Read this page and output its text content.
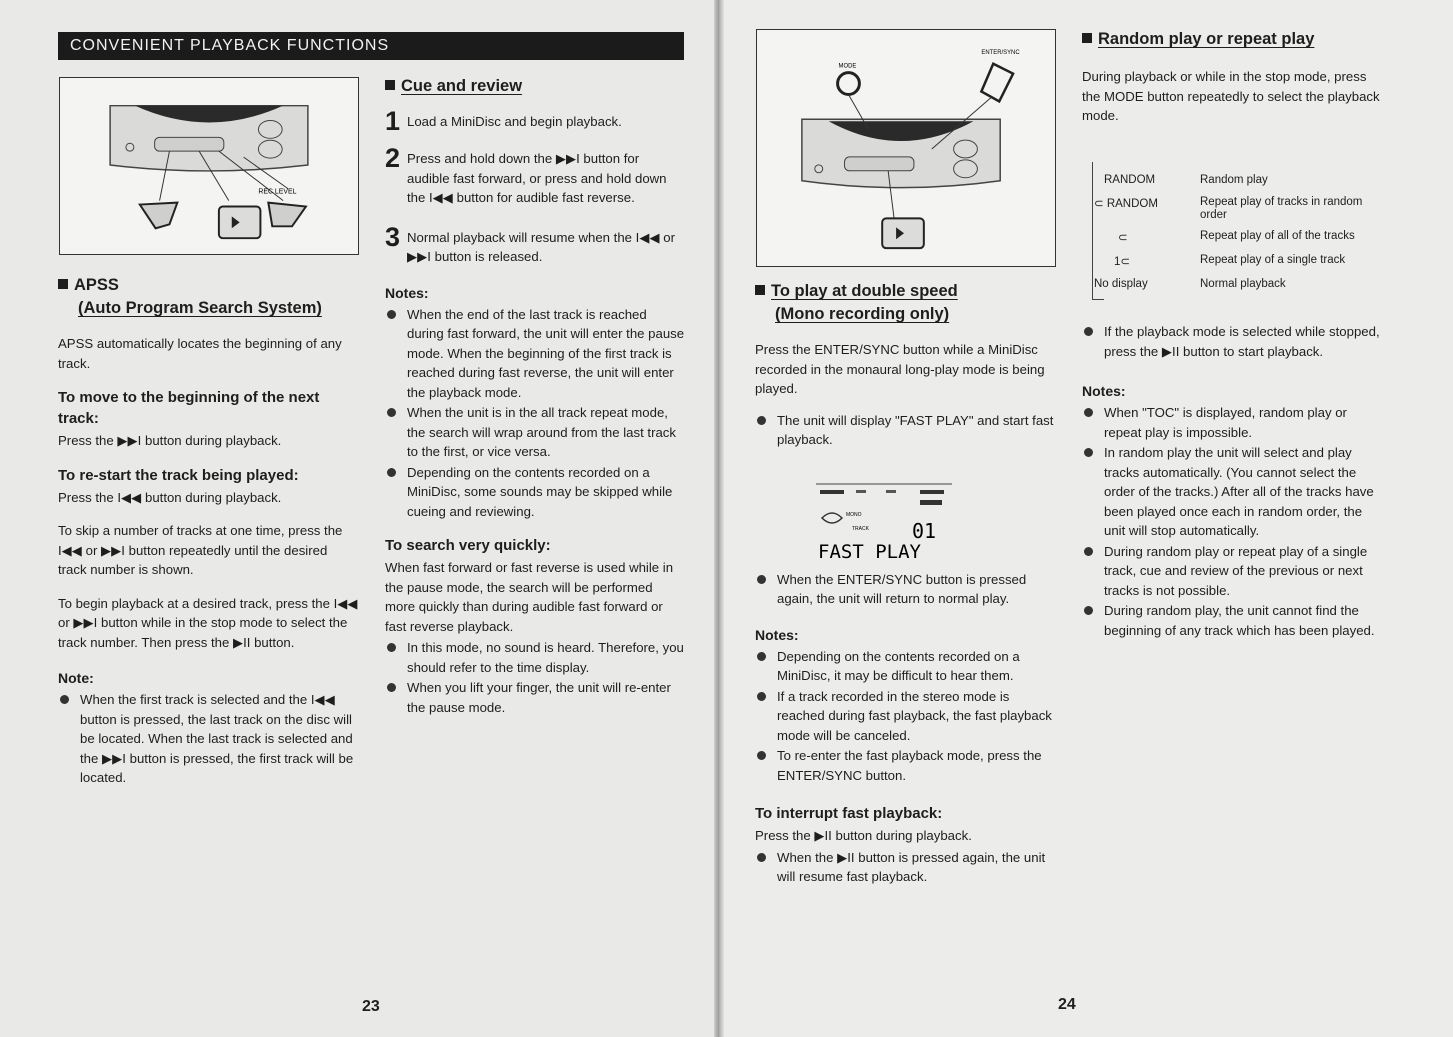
CONVENIENT PLAYBACK FUNCTIONS
REC LEVEL
APSS
(Auto Program Search System)

APSS automatically locates the beginning of any track.

To move to the beginning of the next track:

Press the ▶▶I button during playback.

To re-start the track being played:

Press the I◀◀ button during playback.

To skip a number of tracks at one time, press the I◀◀ or ▶▶I button repeatedly until the desired track number is shown.

To begin playback at a desired track, press the I◀◀ or ▶▶I button while in the stop mode to select the track number. Then press the ▶II button.

Note:
When the first track is selected and the I◀◀ button is pressed, the last track on the disc will be located. When the last track is selected and the ▶▶I button is pressed, the first track will be located.
Cue and review
1 Load a MiniDisc and begin playback.
2 Press and hold down the ▶▶I button for audible fast forward, or press and hold down the I◀◀ button for audible fast reverse.
3 Normal playback will resume when the I◀◀ or ▶▶I button is released.
Notes:
When the end of the last track is reached during fast forward, the unit will enter the pause mode. When the beginning of the first track is reached during fast reverse, the unit will enter the playback mode.
When the unit is in the all track repeat mode, the search will wrap around from the last track to the first, or vice versa.
Depending on the contents recorded on a MiniDisc, some sounds may be skipped while cueing and reviewing.
To search very quickly:

When fast forward or fast reverse is used while in the pause mode, the search will be performed more quickly than during audible fast forward or fast reverse playback.

In this mode, no sound is heard. Therefore, you should refer to the time display.
When you lift your finger, the unit will re-enter the pause mode.
23
MODE
ENTER/SYNC
To play at double speed
(Mono recording only)

Press the ENTER/SYNC button while a MiniDisc recorded in the monaural long-play mode is being played.

The unit will display "FAST PLAY" and start fast playback.
When the ENTER/SYNC button is pressed again, the unit will return to normal play.
Notes:
Depending on the contents recorded on a MiniDisc, it may be difficult to hear them.
If a track recorded in the stereo mode is reached during fast playback, the fast playback mode will be canceled.
To re-enter the fast playback mode, press the ENTER/SYNC button.
To interrupt fast playback:

Press the ▶II button during playback.

When the ▶II button is pressed again, the unit will resume fast playback.
MONO
TRACK 01
FAST PLAY
Random play or repeat play

During playback or while in the stop mode, press the MODE button repeatedly to select the playback mode.

RANDOM	Random play
⊂ RANDOM	Repeat play of tracks in random order
⊂	Repeat play of all of the tracks
1⊂	Repeat play of a single track
No display	Normal playback
If the playback mode is selected while stopped, press the ▶II button to start playback.
Notes:
When "TOC" is displayed, random play or repeat play is impossible.
In random play the unit will select and play tracks automatically. (You cannot select the order of the tracks.) After all of the tracks have been played once each in random order, the unit will stop automatically.
During random play or repeat play of a single track, cue and review of the previous or next tracks is not possible.
During random play, the unit cannot find the beginning of any track which has been played.
24
